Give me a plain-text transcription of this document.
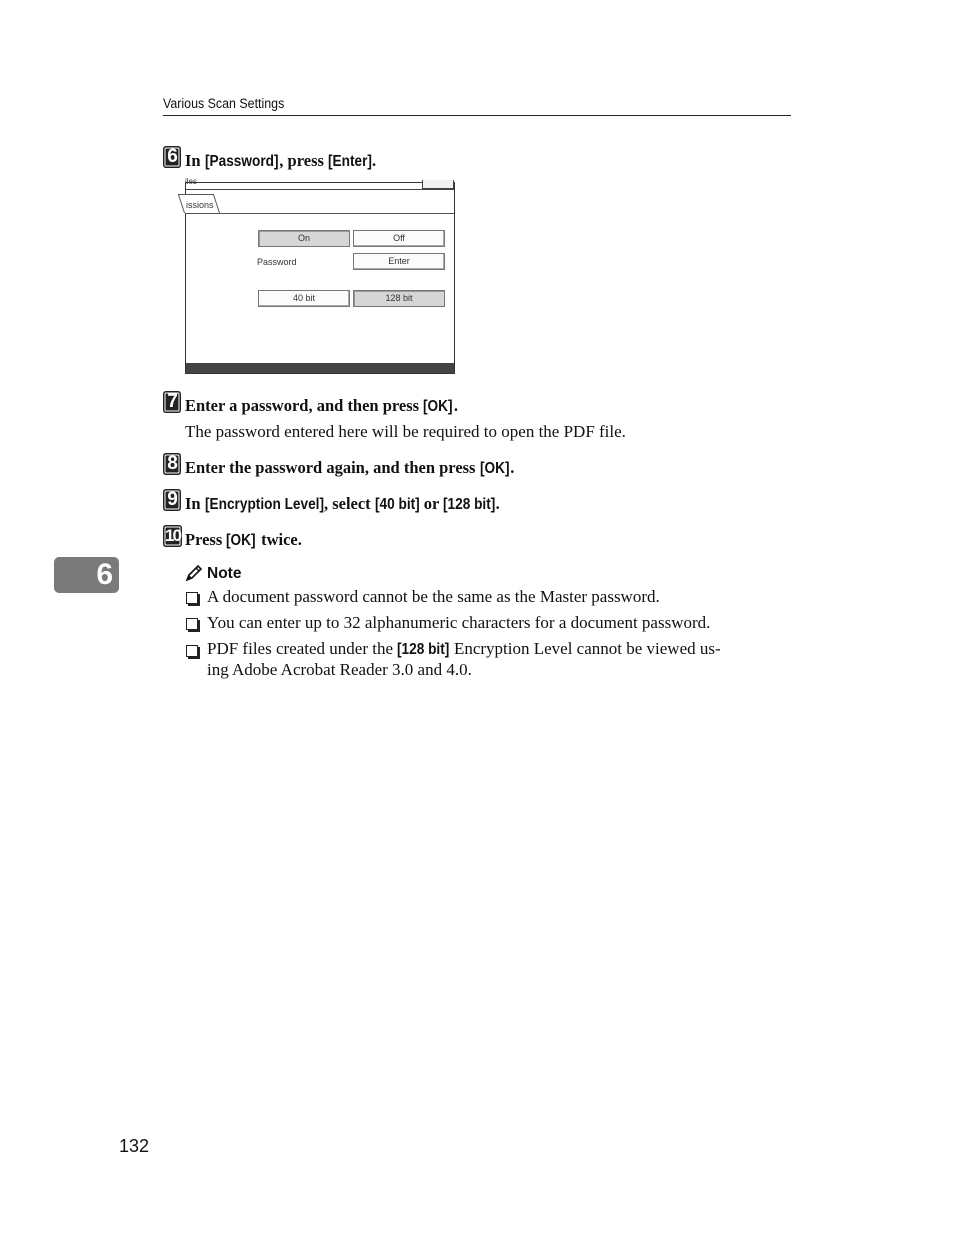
Various Scan Settings
6 In [Password], press [Enter].
iles
issions
On	Off
Password	Enter
40 bit	128 bit
7 Enter a password, and then press [OK].
The password entered here will be required to open the PDF file.
8 Enter the password again, and then press [OK].
9 In [Encryption Level], select [40 bit] or [128 bit].
10 Press [OK] twice.
6	Note
A document password cannot be the same as the Master password.
You can enter up to 32 alphanumeric characters for a document password.
PDF files created under the [128 bit] Encryption Level cannot be viewed us-
ing Adobe Acrobat Reader 3.0 and 4.0.
132
